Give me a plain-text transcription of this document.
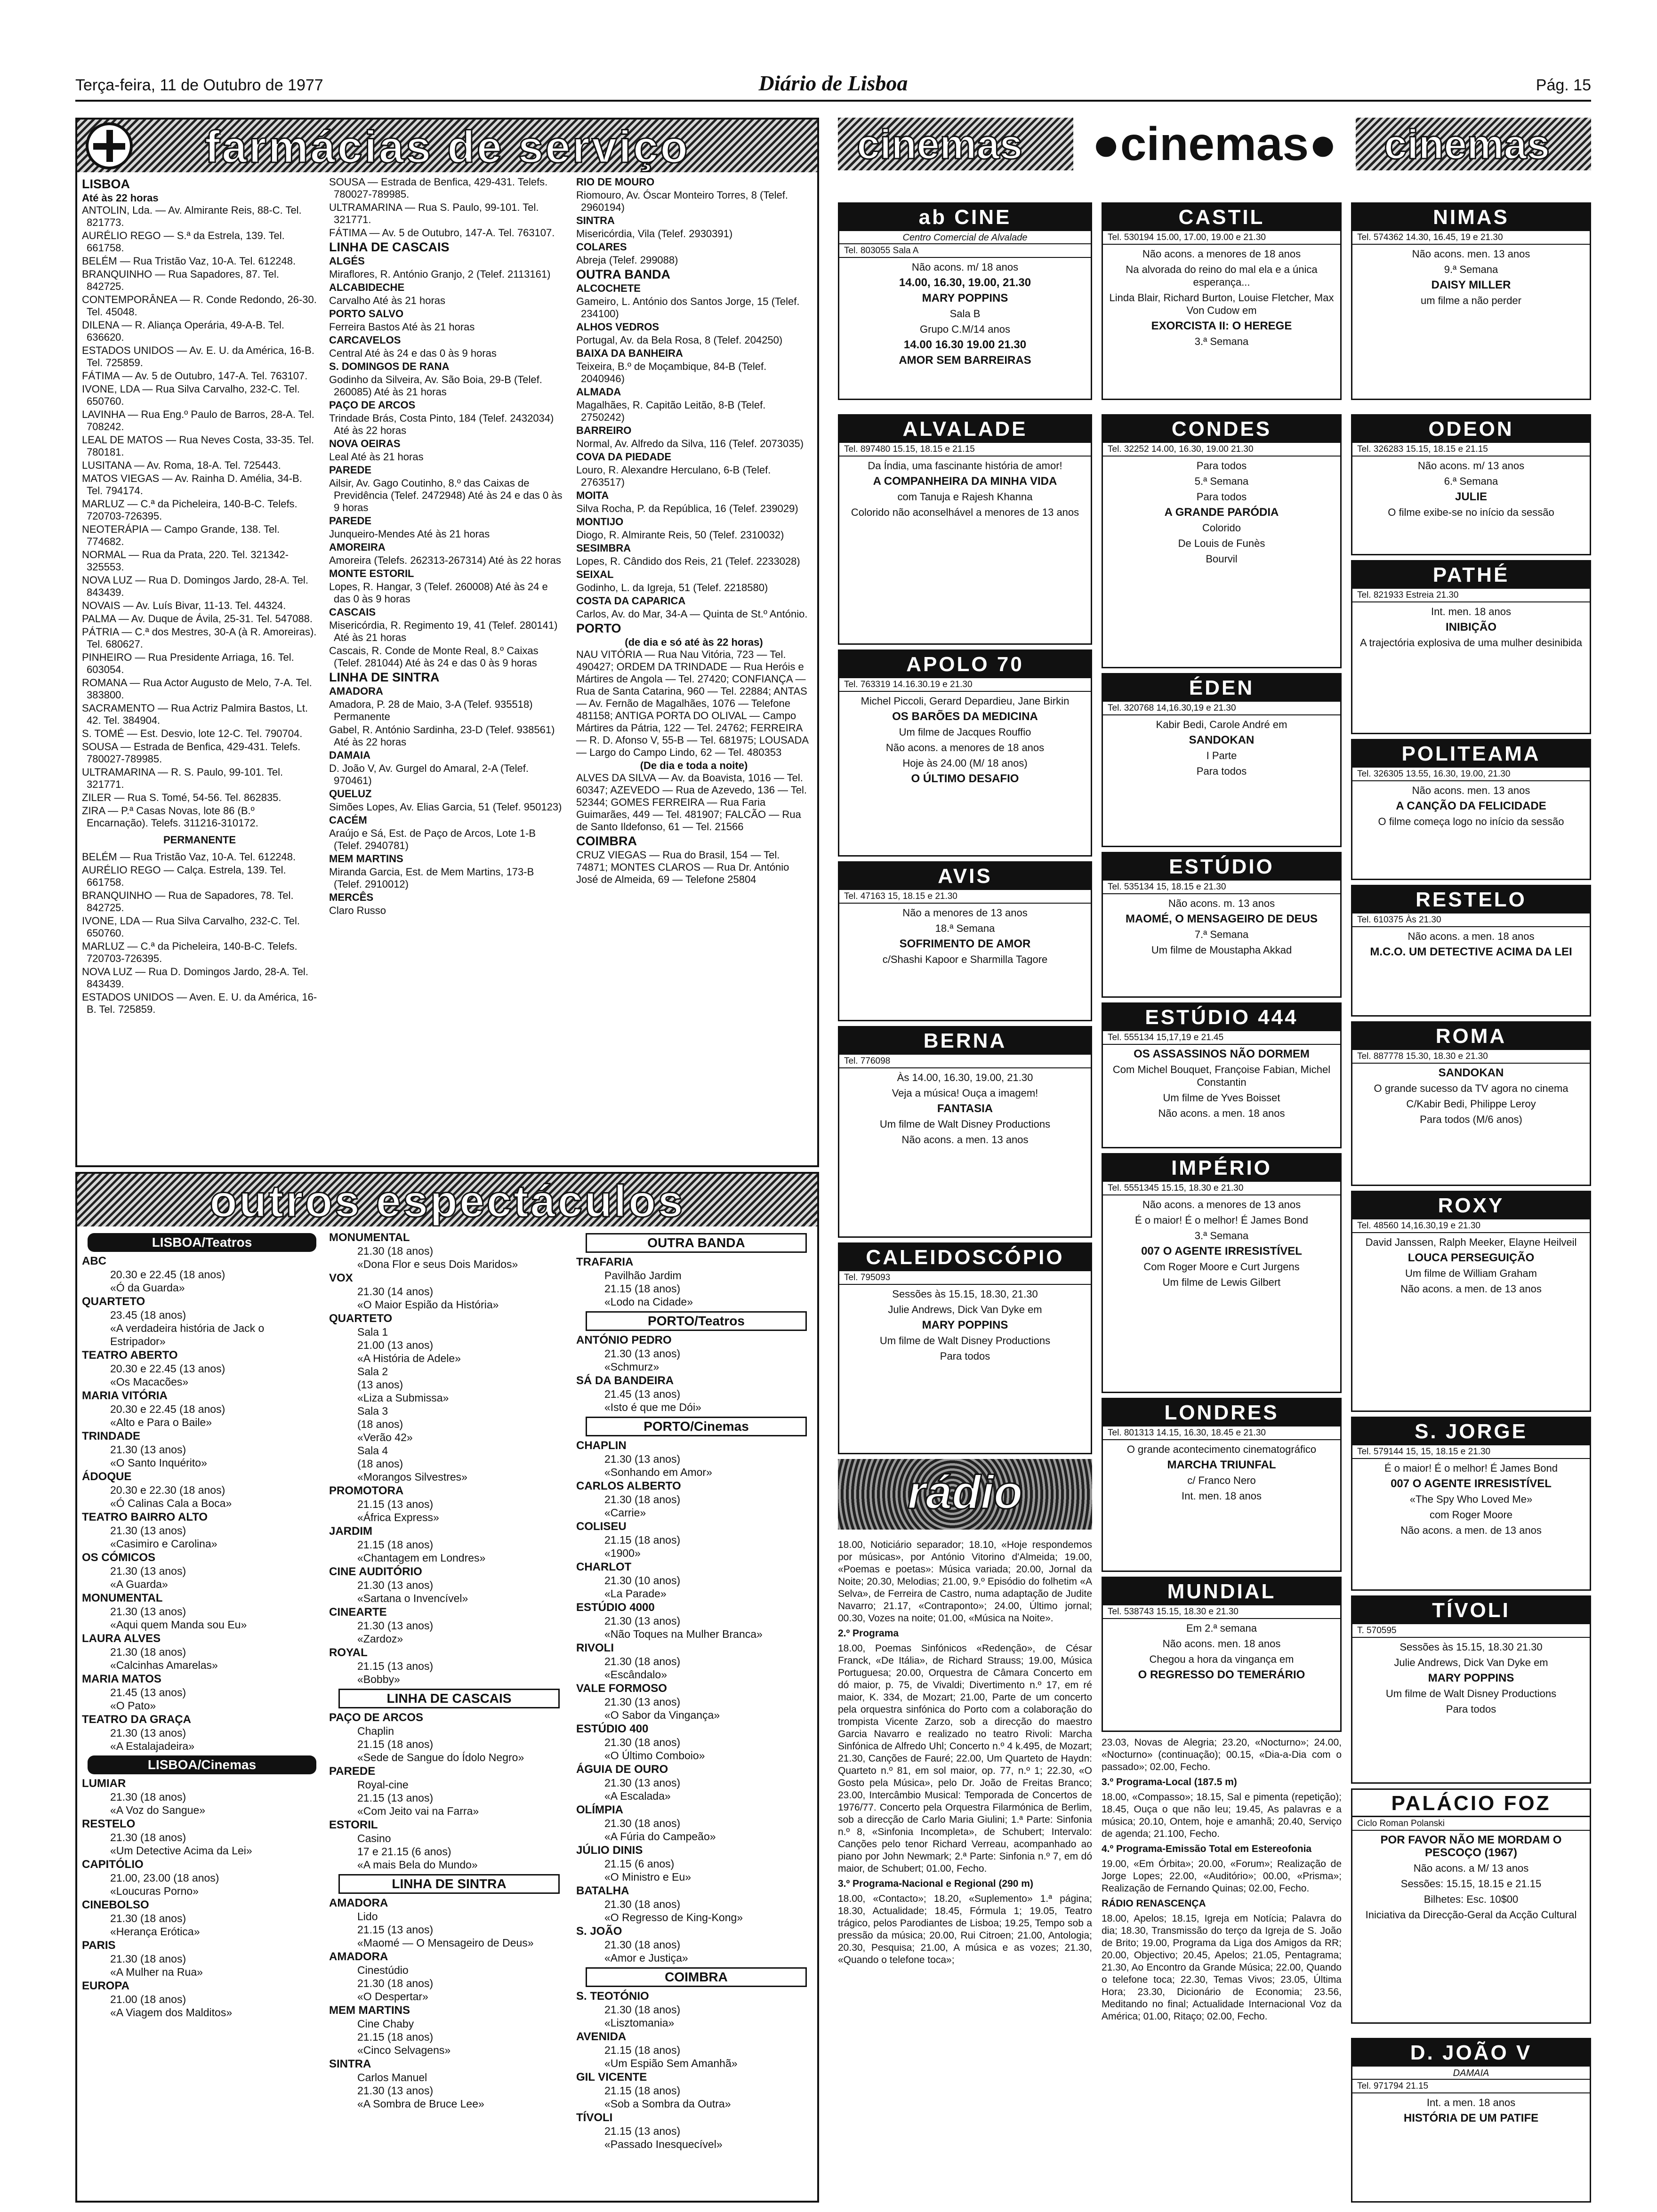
Terça-feira, 11 de Outubro de 1977	Diário de Lisboa	Pág. 15
farmácias de serviço
LISBOA
Até às 22 horas

ANTOLIN, Lda. — Av. Almirante Reis, 88-C. Tel. 821773.

AURÉLIO REGO — S.ª da Estrela, 139. Tel. 661758.

BELÉM — Rua Tristão Vaz, 10-A. Tel. 612248.

BRANQUINHO — Rua Sapadores, 87. Tel. 842725.

CONTEMPORÂNEA — R. Conde Redondo, 26-30. Tel. 45048.

DILENA — R. Aliança Operária, 49-A-B. Tel. 636620.

ESTADOS UNIDOS — Av. E. U. da América, 16-B. Tel. 725859.

FÁTIMA — Av. 5 de Outubro, 147-A. Tel. 763107.

IVONE, LDA — Rua Silva Carvalho, 232-C. Tel. 650760.

LAVINHA — Rua Eng.º Paulo de Barros, 28-A. Tel. 708242.

LEAL DE MATOS — Rua Neves Costa, 33-35. Tel. 780181.

LUSITANA — Av. Roma, 18-A. Tel. 725443.

MATOS VIEGAS — Av. Rainha D. Amélia, 34-B. Tel. 794174.

MARLUZ — C.ª da Picheleira, 140-B-C. Telefs. 720703-726395.

NEOTERÁPIA — Campo Grande, 138. Tel. 774682.

NORMAL — Rua da Prata, 220. Tel. 321342-325553.

NOVA LUZ — Rua D. Domingos Jardo, 28-A. Tel. 843439.

NOVAIS — Av. Luís Bivar, 11-13. Tel. 44324.

PALMA — Av. Duque de Ávila, 25-31. Tel. 547088.

PÁTRIA — C.ª dos Mestres, 30-A (à R. Amoreiras). Tel. 680627.

PINHEIRO — Rua Presidente Arriaga, 16. Tel. 603054.

ROMANA — Rua Actor Augusto de Melo, 7-A. Tel. 383800.

SACRAMENTO — Rua Actriz Palmira Bastos, Lt. 42. Tel. 384904.

S. TOMÉ — Est. Desvio, lote 12-C. Tel. 790704.

SOUSA — Estrada de Benfica, 429-431. Telefs. 780027-789985.

ULTRAMARINA — R. S. Paulo, 99-101. Tel. 321771.

ZILER — Rua S. Tomé, 54-56. Tel. 862835.

ZIRA — P.ª Casas Novas, lote 86 (B.º Encarnação). Telefs. 311216-310172.

PERMANENTE

BELÉM — Rua Tristão Vaz, 10-A. Tel. 612248.

AURÉLIO REGO — Calça. Estrela, 139. Tel. 661758.

BRANQUINHO — Rua de Sapadores, 78. Tel. 842725.

IVONE, LDA — Rua Silva Carvalho, 232-C. Tel. 650760.

MARLUZ — C.ª da Picheleira, 140-B-C. Telefs. 720703-726395.

NOVA LUZ — Rua D. Domingos Jardo, 28-A. Tel. 843439.

ESTADOS UNIDOS — Aven. E. U. da América, 16-B. Tel. 725859.

SOUSA — Estrada de Benfica, 429-431. Telefs. 780027-789985.

ULTRAMARINA — Rua S. Paulo, 99-101. Tel. 321771.

FÁTIMA — Av. 5 de Outubro, 147-A. Tel. 763107.

LINHA DE CASCAIS

ALGÉS

Miraflores, R. António Granjo, 2 (Telef. 2113161)

ALCABIDECHE

Carvalho Até às 21 horas

PORTO SALVO

Ferreira Bastos Até às 21 horas

CARCAVELOS

Central Até às 24 e das 0 às 9 horas

S. DOMINGOS DE RANA

Godinho da Silveira, Av. São Boia, 29-B (Telef. 260085) Até às 21 horas

PAÇO DE ARCOS

Trindade Brás, Costa Pinto, 184 (Telef. 2432034) Até às 22 horas

NOVA OEIRAS

Leal Até às 21 horas

PAREDE

Ailsir, Av. Gago Coutinho, 8.º das Caixas de Previdência (Telef. 2472948) Até às 24 e das 0 às 9 horas

PAREDE

Junqueiro-Mendes Até às 21 horas

AMOREIRA

Amoreira (Telefs. 262313-267314) Até às 22 horas

MONTE ESTORIL

Lopes, R. Hangar, 3 (Telef. 260008) Até às 24 e das 0 às 9 horas

CASCAIS

Misericórdia, R. Regimento 19, 41 (Telef. 280141) Até às 21 horas

Cascais, R. Conde de Monte Real, 8.º Caixas (Telef. 281044) Até às 24 e das 0 às 9 horas

LINHA DE SINTRA

AMADORA

Amadora, P. 28 de Maio, 3-A (Telef. 935518) Permanente

Gabel, R. António Sardinha, 23-D (Telef. 938561) Até às 22 horas

DAMAIA

D. João V, Av. Gurgel do Amaral, 2-A (Telef. 970461)

QUELUZ

Simões Lopes, Av. Elias Garcia, 51 (Telef. 950123)

CACÉM

Araújo e Sá, Est. de Paço de Arcos, Lote 1-B (Telef. 2940781)

MEM MARTINS

Miranda Garcia, Est. de Mem Martins, 173-B (Telef. 2910012)

MERCÊS

Claro Russo

RIO DE MOURO

Riomouro, Av. Óscar Monteiro Torres, 8 (Telef. 2960194)

SINTRA

Misericórdia, Vila (Telef. 2930391)

COLARES

Abreja (Telef. 299088)

OUTRA BANDA

ALCOCHETE

Gameiro, L. António dos Santos Jorge, 15 (Telef. 234100)

ALHOS VEDROS

Portugal, Av. da Bela Rosa, 8 (Telef. 204250)

BAIXA DA BANHEIRA

Teixeira, B.º de Moçambique, 84-B (Telef. 2040946)

ALMADA

Magalhães, R. Capitão Leitão, 8-B (Telef. 2750242)

BARREIRO

Normal, Av. Alfredo da Silva, 116 (Telef. 2073035)

COVA DA PIEDADE

Louro, R. Alexandre Herculano, 6-B (Telef. 2763517)

MOITA

Silva Rocha, P. da República, 16 (Telef. 239029)

MONTIJO

Diogo, R. Almirante Reis, 50 (Telef. 2310032)

SESIMBRA

Lopes, R. Cândido dos Reis, 21 (Telef. 2233028)

SEIXAL

Godinho, L. da Igreja, 51 (Telef. 2218580)

COSTA DA CAPARICA

Carlos, Av. do Mar, 34-A — Quinta de St.º António.

PORTO
(de dia e só até às 22 horas)

NAU VITÓRIA — Rua Nau Vitória, 723 — Tel. 490427; ORDEM DA TRINDADE — Rua Heróis e Mártires de Angola — Tel. 27420; CONFIANÇA — Rua de Santa Catarina, 960 — Tel. 22884; ANTAS — Av. Fernão de Magalhães, 1076 — Telefone 481158; ANTIGA PORTA DO OLIVAL — Campo Mártires da Pátria, 122 — Tel. 24762; FERREIRA — R. D. Afonso V, 55-B — Tel. 681975; LOUSADA — Largo do Campo Lindo, 62 — Tel. 480353

(De dia e toda a noite)

ALVES DA SILVA — Av. da Boavista, 1016 — Tel. 60347; AZEVEDO — Rua de Azevedo, 136 — Tel. 52344; GOMES FERREIRA — Rua Faria Guimarães, 449 — Tel. 481907; FALCÃO — Rua de Santo Ildefonso, 61 — Tel. 21566

COIMBRA

CRUZ VIEGAS — Rua do Brasil, 154 — Tel. 74871; MONTES CLAROS — Rua Dr. António José de Almeida, 69 — Telefone 25804

outros espectáculos
LISBOA/Teatros
ABC
20.30 e 22.45 (18 anos)
«Ó da Guarda»
QUARTETO
23.45 (18 anos)
«A verdadeira história de Jack o Estripador»
TEATRO ABERTO
20.30 e 22.45 (13 anos)
«Os Macacões»
MARIA VITÓRIA
20.30 e 22.45 (18 anos)
«Alto e Para o Baile»
TRINDADE
21.30 (13 anos)
«O Santo Inquérito»
ÁDOQUE
20.30 e 22.30 (18 anos)
«Ó Calinas Cala a Boca»
TEATRO BAIRRO ALTO
21.30 (13 anos)
«Casimiro e Carolina»
OS CÓMICOS
21.30 (13 anos)
«A Guarda»
MONUMENTAL
21.30 (13 anos)
«Aqui quem Manda sou Eu»
LAURA ALVES
21.30 (18 anos)
«Calcinhas Amarelas»
MARIA MATOS
21.45 (13 anos)
«O Pato»
TEATRO DA GRAÇA
21.30 (13 anos)
«A Estalajadeira»
LISBOA/Cinemas
LUMIAR
21.30 (18 anos)
«A Voz do Sangue»
RESTELO
21.30 (18 anos)
«Um Detective Acima da Lei»
CAPITÓLIO
21.00, 23.00 (18 anos)
«Loucuras Porno»
CINEBOLSO
21.30 (18 anos)
«Herança Erótica»
PARIS
21.30 (18 anos)
«A Mulher na Rua»
EUROPA
21.00 (18 anos)
«A Viagem dos Malditos»
MONUMENTAL
21.30 (18 anos)
«Dona Flor e seus Dois Maridos»
VOX
21.30 (14 anos)
«O Maior Espião da História»
QUARTETO
Sala 1
21.00 (13 anos)
«A História de Adele»
Sala 2
(13 anos)
«Liza a Submissa»
Sala 3
(18 anos)
«Verão 42»
Sala 4
(18 anos)
«Morangos Silvestres»
PROMOTORA
21.15 (13 anos)
«África Express»
JARDIM
21.15 (18 anos)
«Chantagem em Londres»
CINE AUDITÓRIO
21.30 (13 anos)
«Sartana o Invencível»
CINEARTE
21.30 (13 anos)
«Zardoz»
ROYAL
21.15 (13 anos)
«Bobby»
LINHA DE CASCAIS
PAÇO DE ARCOS
Chaplin
21.15 (18 anos)
«Sede de Sangue do Ídolo Negro»
PAREDE
Royal-cine
21.15 (13 anos)
«Com Jeito vai na Farra»
ESTORIL
Casino
17 e 21.15 (6 anos)
«A mais Bela do Mundo»
LINHA DE SINTRA
AMADORA
Lido
21.15 (13 anos)
«Maomé — O Mensageiro de Deus»
AMADORA
Cinestúdio
21.30 (18 anos)
«O Despertar»
MEM MARTINS
Cine Chaby
21.15 (18 anos)
«Cinco Selvagens»
SINTRA
Carlos Manuel
21.30 (13 anos)
«A Sombra de Bruce Lee»
OUTRA BANDA
TRAFARIA
Pavilhão Jardim
21.15 (18 anos)
«Lodo na Cidade»
PORTO/Teatros
ANTÓNIO PEDRO
21.30 (13 anos)
«Schmurz»
SÁ DA BANDEIRA
21.45 (13 anos)
«Isto é que me Dói»
PORTO/Cinemas
CHAPLIN
21.30 (13 anos)
«Sonhando em Amor»
CARLOS ALBERTO
21.30 (18 anos)
«Carrie»
COLISEU
21.15 (18 anos)
«1900»
CHARLOT
21.30 (10 anos)
«La Parade»
ESTÚDIO 4000
21.30 (13 anos)
«Não Toques na Mulher Branca»
RIVOLI
21.30 (18 anos)
«Escândalo»
VALE FORMOSO
21.30 (13 anos)
«O Sabor da Vingança»
ESTÚDIO 400
21.30 (18 anos)
«O Último Comboio»
ÁGUIA DE OURO
21.30 (13 anos)
«A Escalada»
OLÍMPIA
21.30 (18 anos)
«A Fúria do Campeão»
JÚLIO DINIS
21.15 (6 anos)
«O Ministro e Eu»
BATALHA
21.30 (18 anos)
«O Regresso de King-Kong»
S. JOÃO
21.30 (18 anos)
«Amor e Justiça»
COIMBRA
S. TEOTÓNIO
21.30 (18 anos)
«Lisztomania»
AVENIDA
21.15 (18 anos)
«Um Espião Sem Amanhã»
GIL VICENTE
21.15 (18 anos)
«Sob a Sombra da Outra»
TÍVOLI
21.15 (13 anos)
«Passado Inesquecível»
cinemas	●cinemas●	cinemas
ab CINE
Centro Comercial de Alvalade
Tel. 803055 Sala A
Não acons. m/ 18 anos
14.00, 16.30, 19.00, 21.30
MARY POPPINS
Sala B
Grupo C.M/14 anos
14.00 16.30 19.00 21.30
AMOR SEM BARREIRAS
CASTIL
Tel. 530194 15.00, 17.00, 19.00 e 21.30
Não acons. a menores de 18 anos
Na alvorada do reino do mal ela e a única esperança...
Linda Blair, Richard Burton, Louise Fletcher, Max Von Cudow em
EXORCISTA II: O HEREGE
3.ª Semana
NIMAS
Tel. 574362 14.30, 16.45, 19 e 21.30
Não acons. men. 13 anos
9.ª Semana
DAISY MILLER
um filme a não perder
ALVALADE
Tel. 897480 15.15, 18.15 e 21.15
Da Índia, uma fascinante história de amor!
A COMPANHEIRA DA MINHA VIDA
com Tanuja e Rajesh Khanna
Colorido não aconselhável a menores de 13 anos
CONDES
Tel. 32252 14.00, 16.30, 19.00 21.30
Para todos
5.ª Semana
Para todos
A GRANDE PARÓDIA
Colorido
De Louis de Funès
Bourvil
ODEON
Tel. 326283 15.15, 18.15 e 21.15
Não acons. m/ 13 anos
6.ª Semana
JULIE
O filme exibe-se no início da sessão
PATHÉ
Tel. 821933 Estreia 21.30
Int. men. 18 anos
INIBIÇÃO
A trajectória explosiva de uma mulher desinibida
APOLO 70
Tel. 763319 14.16.30.19 e 21.30
Michel Piccoli, Gerard Depardieu, Jane Birkin
OS BARÕES DA MEDICINA
Um filme de Jacques Rouffio
Não acons. a menores de 18 anos
Hoje às 24.00 (M/ 18 anos)
O ÚLTIMO DESAFIO
ÉDEN
Tel. 320768 14,16.30,19 e 21.30
Kabir Bedi, Carole André em
SANDOKAN
I Parte
Para todos
POLITEAMA
Tel. 326305 13.55, 16.30, 19.00, 21.30
Não acons. men. 13 anos
A CANÇÃO DA FELICIDADE
O filme começa logo no início da sessão
AVIS
Tel. 47163 15, 18.15 e 21.30
Não a menores de 13 anos
18.ª Semana
SOFRIMENTO DE AMOR
c/Shashi Kapoor e Sharmilla Tagore
ESTÚDIO
Tel. 535134 15, 18.15 e 21.30
Não acons. m. 13 anos
MAOMÉ, O MENSAGEIRO DE DEUS
7.ª Semana
Um filme de Moustapha Akkad
RESTELO
Tel. 610375 Às 21.30
Não acons. a men. 18 anos
M.C.O. UM DETECTIVE ACIMA DA LEI
BERNA
Tel. 776098
Às 14.00, 16.30, 19.00, 21.30
Veja a música! Ouça a imagem!
FANTASIA
Um filme de Walt Disney Productions
Não acons. a men. 13 anos
ESTÚDIO 444
Tel. 555134 15,17,19 e 21.45
OS ASSASSINOS NÃO DORMEM
Com Michel Bouquet, Françoise Fabian, Michel Constantin
Um filme de Yves Boisset
Não acons. a men. 18 anos
ROMA
Tel. 887778 15.30, 18.30 e 21.30
SANDOKAN
O grande sucesso da TV agora no cinema
C/Kabir Bedi, Philippe Leroy
Para todos (M/6 anos)
IMPÉRIO
Tel. 5551345 15.15, 18.30 e 21.30
Não acons. a menores de 13 anos
É o maior! É o melhor! É James Bond
3.ª Semana
007 O AGENTE IRRESISTÍVEL
Com Roger Moore e Curt Jurgens
Um filme de Lewis Gilbert
ROXY
Tel. 48560 14,16.30,19 e 21.30
David Janssen, Ralph Meeker, Elayne Heilveil
LOUCA PERSEGUIÇÃO
Um filme de William Graham
Não acons. a men. de 13 anos
CALEIDOSCÓPIO
Tel. 795093
Sessões às 15.15, 18.30, 21.30
Julie Andrews, Dick Van Dyke em
MARY POPPINS
Um filme de Walt Disney Productions
Para todos
LONDRES
Tel. 801313 14.15, 16.30, 18.45 e 21.30
O grande acontecimento cinematográfico
MARCHA TRIUNFAL
c/ Franco Nero
Int. men. 18 anos
S. JORGE
Tel. 579144 15, 15, 18.15 e 21.30
É o maior! É o melhor! É James Bond
007 O AGENTE IRRESISTÍVEL
«The Spy Who Loved Me»
com Roger Moore
Não acons. a men. de 13 anos
MUNDIAL
Tel. 538743 15.15, 18.30 e 21.30
Em 2.ª semana
Não acons. men. 18 anos
Chegou a hora da vingança em
O REGRESSO DO TEMERÁRIO
TÍVOLI
T. 570595
Sessões às 15.15, 18.30 21.30
Julie Andrews, Dick Van Dyke em
MARY POPPINS
Um filme de Walt Disney Productions
Para todos
PALÁCIO FOZ
Ciclo Roman Polanski
POR FAVOR NÃO ME MORDAM O PESCOÇO (1967)
Não acons. a M/ 13 anos
Sessões: 15.15, 18.15 e 21.15
Bilhetes: Esc. 10$00
Iniciativa da Direcção-Geral da Acção Cultural
D. JOÃO V
DAMAIA
Tel. 971794 21.15
Int. a men. 18 anos
HISTÓRIA DE UM PATIFE
rádio

18.00, Noticiário separador; 18.10, «Hoje respondemos por músicas», por António Vitorino d'Almeida; 19.00, «Poemas e poetas»: Música variada; 20.00, Jornal da Noite; 20.30, Melodias; 21.00, 9.º Episódio do folhetim «A Selva», de Ferreira de Castro, numa adaptação de Judite Navarro; 21.17, «Contraponto»; 24.00, Último jornal; 00.30, Vozes na noite; 01.00, «Música na Noite».

2.º Programa

18.00, Poemas Sinfónicos «Redenção», de César Franck, «De Itália», de Richard Strauss; 19.00, Música Portuguesa; 20.00, Orquestra de Câmara Concerto em dó maior, p. 75, de Vivaldi; Divertimento n.º 17, em ré maior, K. 334, de Mozart; 21.00, Parte de um concerto pela orquestra sinfónica do Porto com a colaboração do trompista Vicente Zarzo, sob a direcção do maestro Garcia Navarro e realizado no teatro Rivoli: Marcha Sinfónica de Alfredo Uhl; Concerto n.º 4 k.495, de Mozart; 21.30, Canções de Fauré; 22.00, Um Quarteto de Haydn: Quarteto n.º 81, em sol maior, op. 77, n.º 1; 22.30, «O Gosto pela Música», pelo Dr. João de Freitas Branco; 23.00, Intercâmbio Musical: Temporada de Concertos de 1976/77. Concerto pela Orquestra Filarmónica de Berlim, sob a direcção de Carlo Maria Giulini; 1.ª Parte: Sinfonia n.º 8, «Sinfonia Incompleta», de Schubert; Intervalo: Canções pelo tenor Richard Verreau, acompanhado ao piano por John Newmark; 2.ª Parte: Sinfonia n.º 7, em dó maior, de Schubert; 01.00, Fecho.

3.º Programa-Nacional e Regional (290 m)

18.00, «Contacto»; 18.20, «Suplemento» 1.ª página; 18.30, Actualidade; 18.45, Fórmula 1; 19.05, Teatro trágico, pelos Parodiantes de Lisboa; 19.25, Tempo sob a pressão da música; 20.00, Rui Citroen; 21.00, Antologia; 20.30, Pesquisa; 21.00, A música e as vozes; 21.30, «Quando o telefone toca»;

23.03, Novas de Alegria; 23.20, «Nocturno»; 24.00, «Nocturno» (continuação); 00.15, «Dia-a-Dia com o passado»; 02.00, Fecho.

3.º Programa-Local (187.5 m)

18.00, «Compasso»; 18.15, Sal e pimenta (repetição); 18.45, Ouça o que não leu; 19.45, As palavras e a música; 20.10, Ontem, hoje e amanhã; 20.40, Serviço de agenda; 21.100, Fecho.

4.º Programa-Emissão Total em Estereofonia

19.00, «Em Órbita»; 20.00, «Forum»; Realização de Jorge Lopes; 22.00, «Auditório»; 00.00, «Prisma»; Realização de Fernando Quinas; 02.00, Fecho.

RÁDIO RENASCENÇA

18.00, Apelos; 18.15, Igreja em Notícia; Palavra do dia; 18.30, Transmissão do terço da Igreja de S. João de Brito; 19.00, Programa da Liga dos Amigos da RR; 20.00, Objectivo; 20.45, Apelos; 21.05, Pentagrama; 21.30, Ao Encontro da Grande Música; 22.00, Quando o telefone toca; 22.30, Temas Vivos; 23.05, Última Hora; 23.30, Dicionário de Economia; 23.56, Meditando no final; Actualidade Internacional Voz da América; 01.00, Ritaço; 02.00, Fecho.
